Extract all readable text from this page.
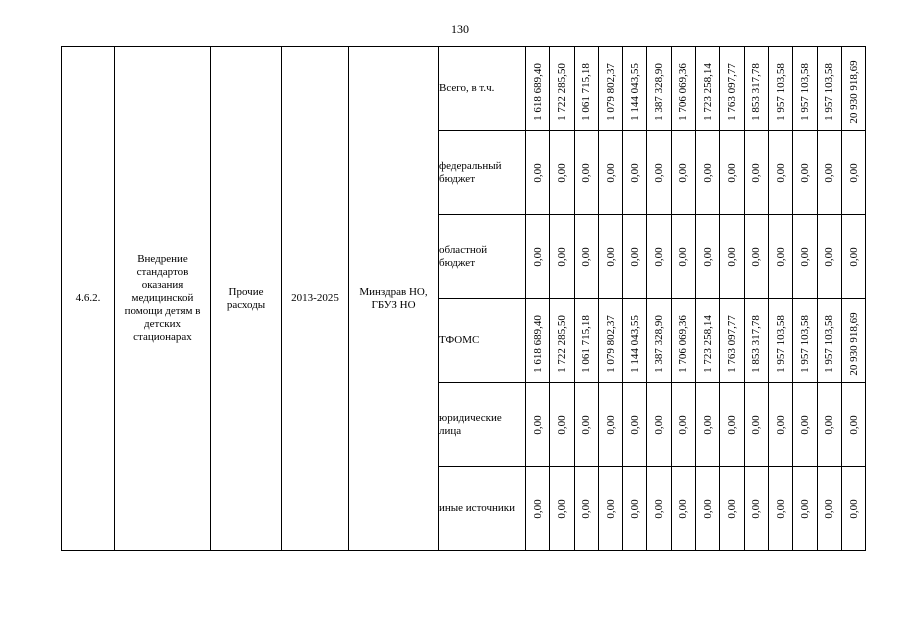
130
4.6.2.	Внедрение стандартов оказания медицинской помощи детям в детских стационарах	Прочие расходы	2013-2025	Минздрав НО, ГБУЗ НО	Всего, в т.ч.	1 618 689,40	1 722 285,50	1 061 715,18	1 079 802,37	1 144 043,55	1 387 328,90	1 706 069,36	1 723 258,14	1 763 097,77	1 853 317,78	1 957 103,58	1 957 103,58	1 957 103,58	20 930 918,69

					федеральный бюджет	0,00	0,00	0,00	0,00	0,00	0,00	0,00	0,00	0,00	0,00	0,00	0,00	0,00	0,00

					областной бюджет	0,00	0,00	0,00	0,00	0,00	0,00	0,00	0,00	0,00	0,00	0,00	0,00	0,00	0,00

					ТФОМС	1 618 689,40	1 722 285,50	1 061 715,18	1 079 802,37	1 144 043,55	1 387 328,90	1 706 069,36	1 723 258,14	1 763 097,77	1 853 317,78	1 957 103,58	1 957 103,58	1 957 103,58	20 930 918,69

					юридические лица	0,00	0,00	0,00	0,00	0,00	0,00	0,00	0,00	0,00	0,00	0,00	0,00	0,00	0,00

					иные источники	0,00	0,00	0,00	0,00	0,00	0,00	0,00	0,00	0,00	0,00	0,00	0,00	0,00	0,00
